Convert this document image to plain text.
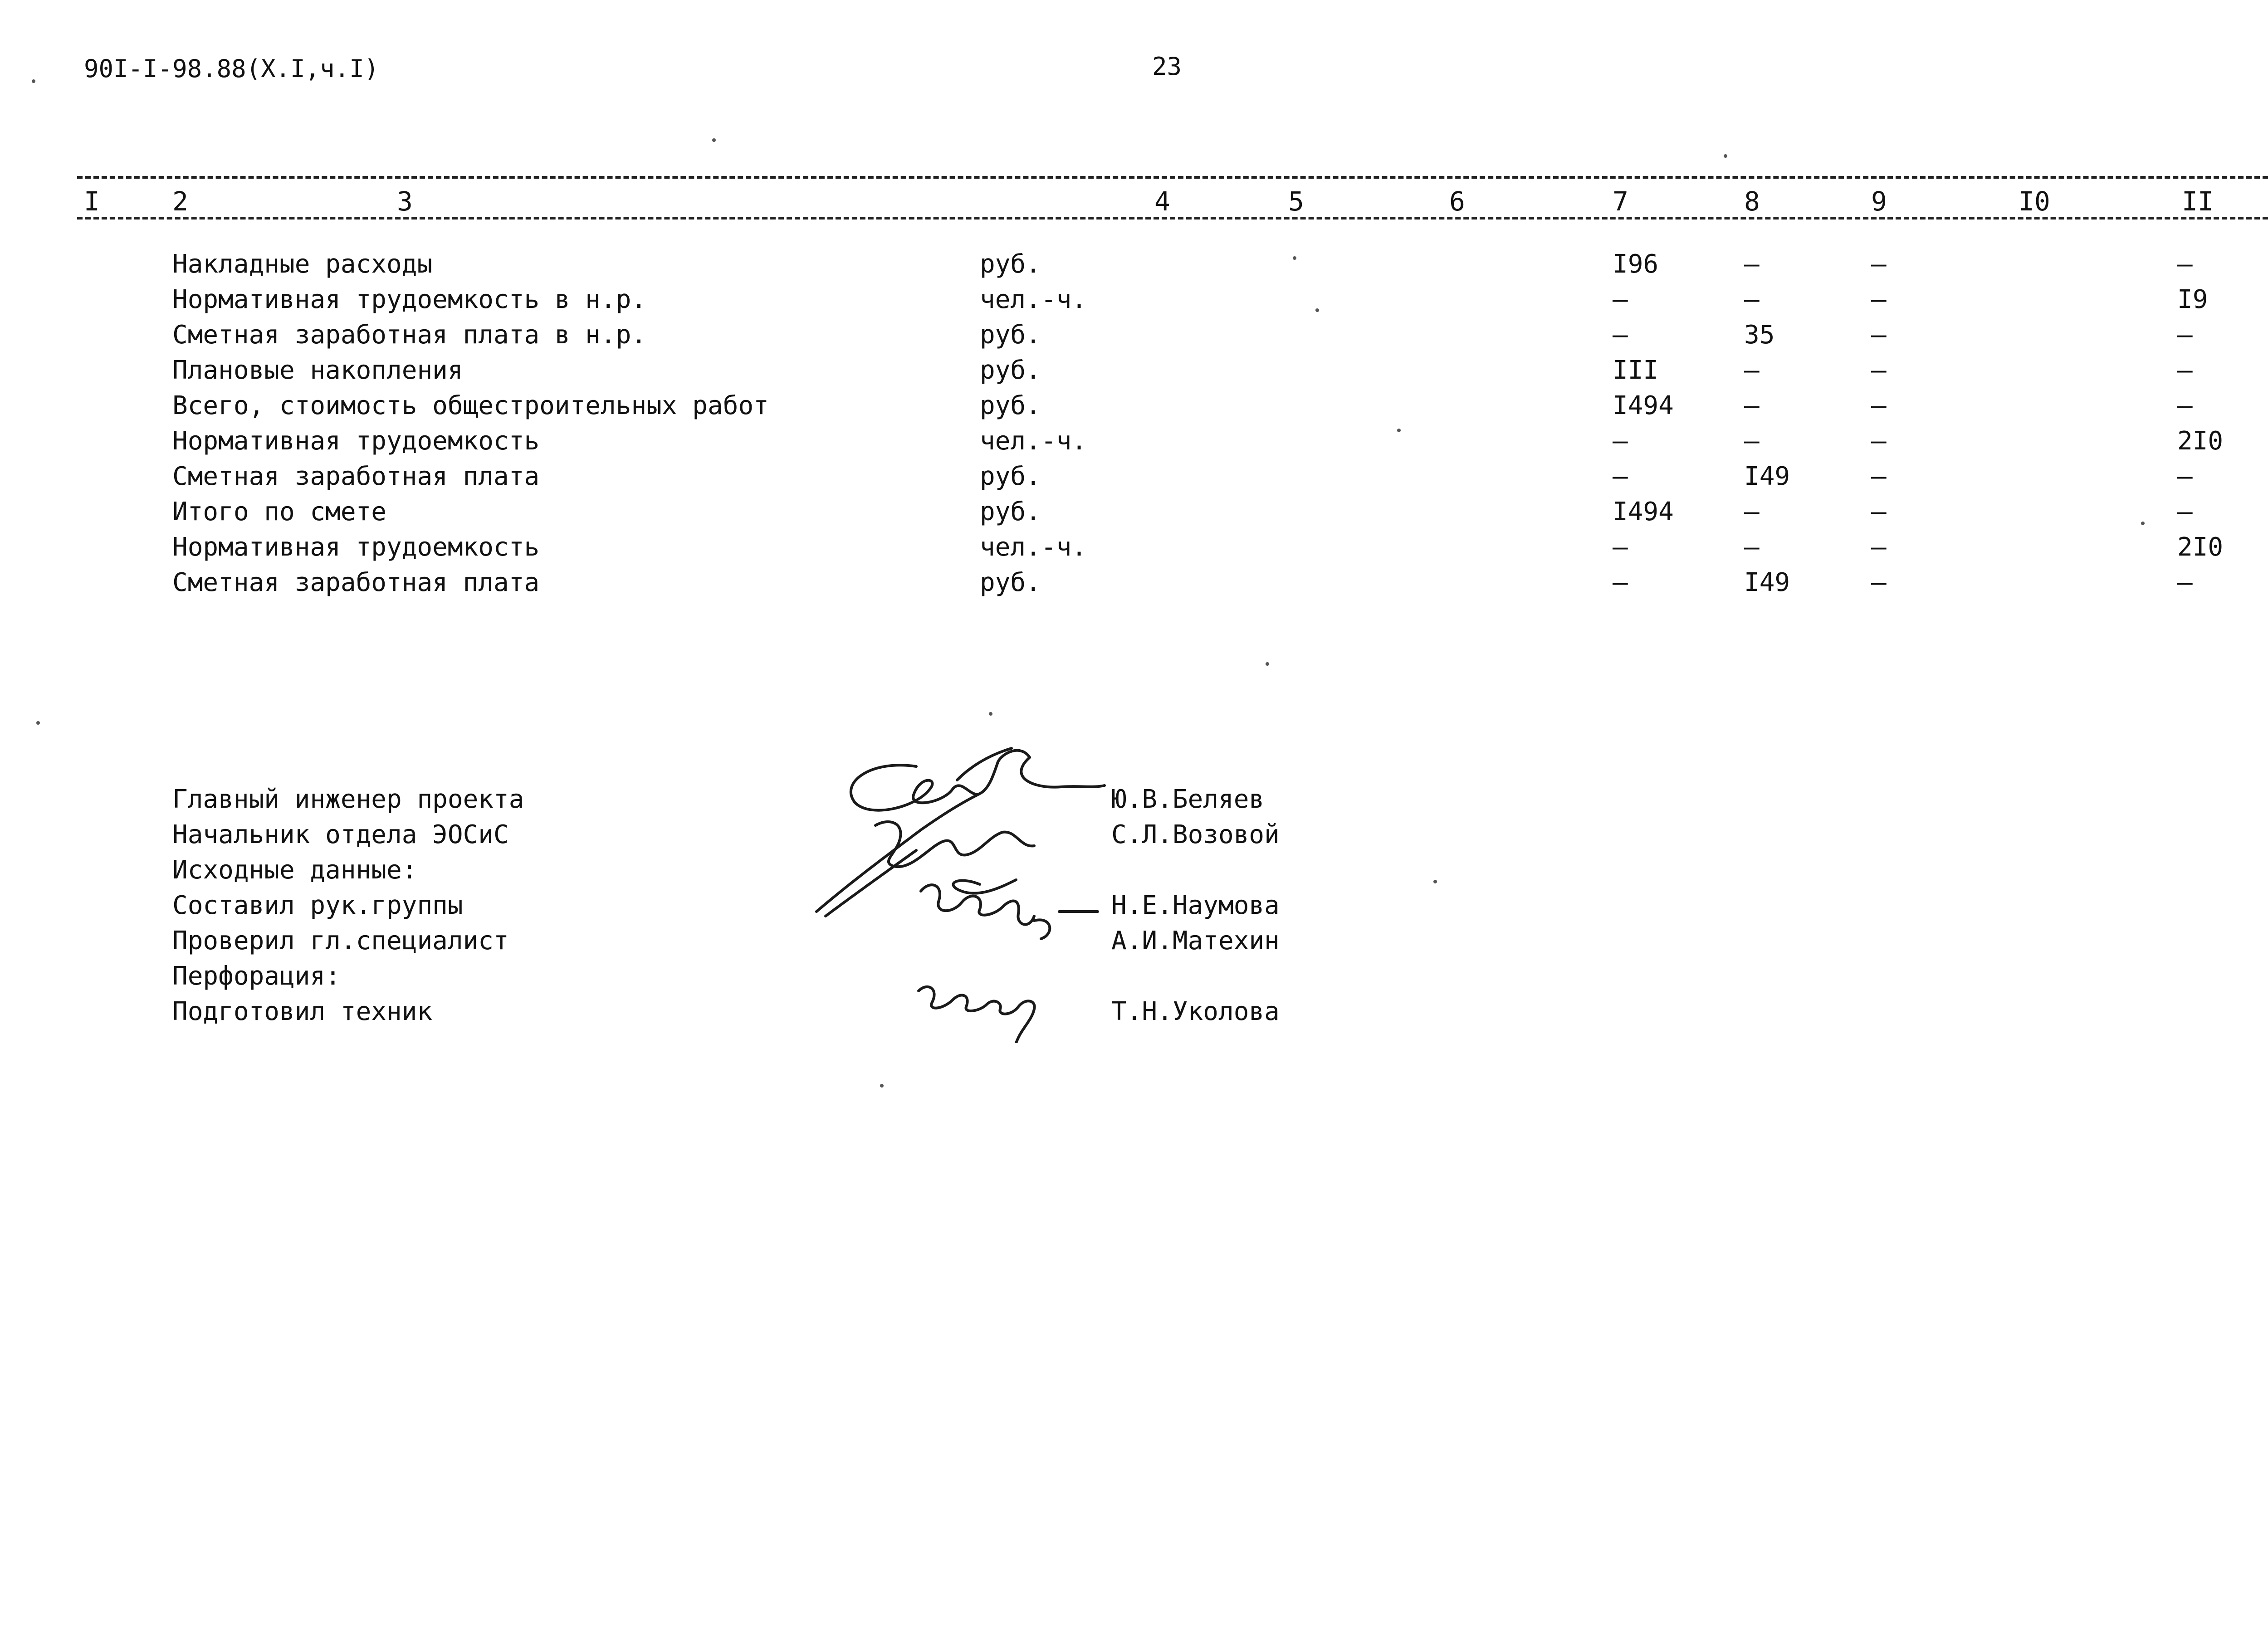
90I-I-98.88(X.I,ч.I)	23
I	2	3	4	5	6	7	8	9	I0	II
Накладные расходы	руб.	I96	–	–	–
Нормативная трудоемкость в н.р.	чел.-ч.	–	–	–	I9
Сметная заработная плата в н.р.	руб.	–	35	–	–
Плановые накопления	руб.	III	–	–	–
Всего, стоимость общестроительных работ	руб.	I494	–	–	–
Нормативная трудоемкость	чел.-ч.	–	–	–	2I0
Сметная заработная плата	руб.	–	I49	–	–
Итого по смете	руб.	I494	–	–	–
Нормативная трудоемкость	чел.-ч.	–	–	–	2I0
Сметная заработная плата	руб.	–	I49	–	–
Главный инженер проекта	Ю.В.Беляев
Начальник отдела ЭОСиС	С.Л.Возовой
Исходные данные:
Составил рук.группы	Н.Е.Наумова
Проверил гл.специалист	А.И.Матехин
Перфорация:
Подготовил техник	Т.Н.Уколова
